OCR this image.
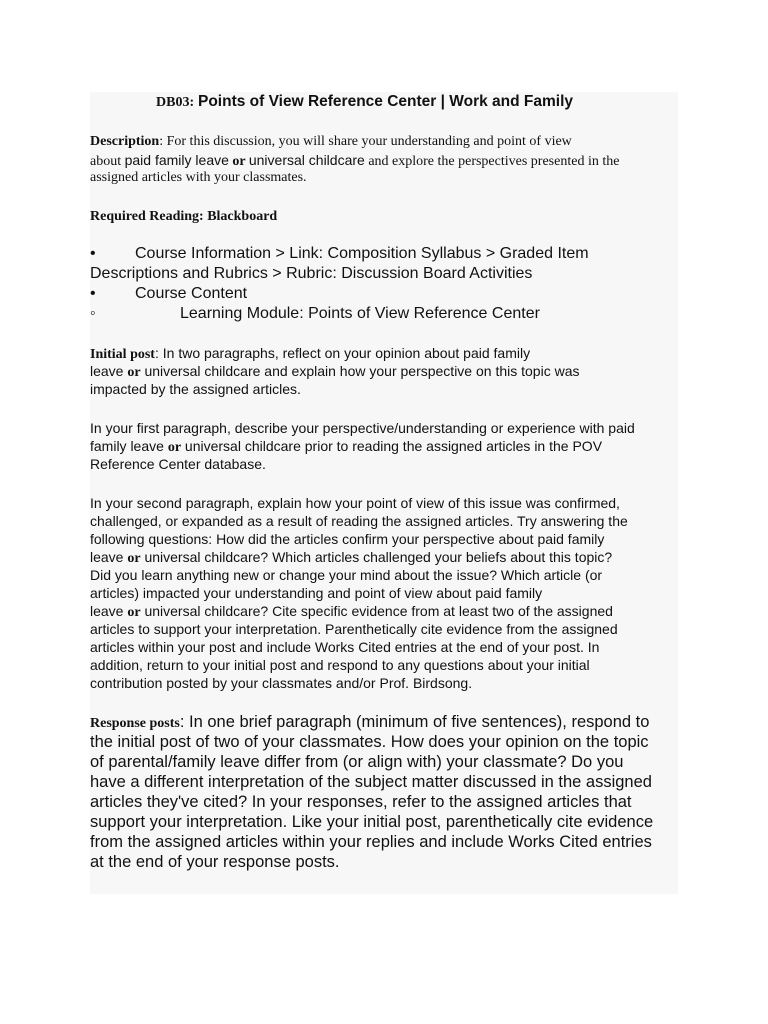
DB03: Points of View Reference Center | Work and Family
Description: For this discussion, you will share your understanding and point of view
about paid family leave or universal childcare and explore the perspectives presented in the
assigned articles with your classmates.
Required Reading: Blackboard
• Course Information > Link: Composition Syllabus > Graded Item
Descriptions and Rubrics > Rubric: Discussion Board Activities
• Course Content
◦	Learning Module: Points of View Reference Center
Initial post: In two paragraphs, reflect on your opinion about paid family
leave or universal childcare and explain how your perspective on this topic was
impacted by the assigned articles.
In your first paragraph, describe your perspective/understanding or experience with paid
family leave or universal childcare prior to reading the assigned articles in the POV
Reference Center database.
In your second paragraph, explain how your point of view of this issue was confirmed,
challenged, or expanded as a result of reading the assigned articles. Try answering the
following questions: How did the articles confirm your perspective about paid family
leave or universal childcare? Which articles challenged your beliefs about this topic?
Did you learn anything new or change your mind about the issue? Which article (or
articles) impacted your understanding and point of view about paid family
leave or universal childcare? Cite specific evidence from at least two of the assigned
articles to support your interpretation. Parenthetically cite evidence from the assigned
articles within your post and include Works Cited entries at the end of your post. In
addition, return to your initial post and respond to any questions about your initial
contribution posted by your classmates and/or Prof. Birdsong.
Response posts: In one brief paragraph (minimum of five sentences), respond to
the initial post of two of your classmates. How does your opinion on the topic
of parental/family leave differ from (or align with) your classmate? Do you
have a different interpretation of the subject matter discussed in the assigned
articles they've cited? In your responses, refer to the assigned articles that
support your interpretation. Like your initial post, parenthetically cite evidence
from the assigned articles within your replies and include Works Cited entries
at the end of your response posts.
